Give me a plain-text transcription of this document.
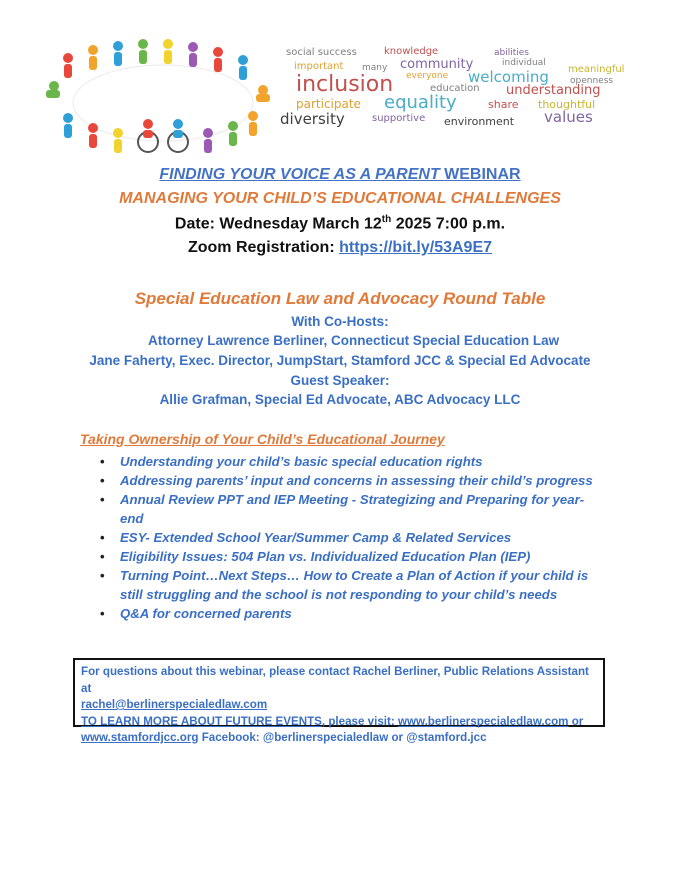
social success	knowledge	abilities
important many community	individual
meaningful
everyone welcoming openness
inclusion	education understanding
participate equality	share thoughtful
diversity	supportive environment values
FINDING YOUR VOICE AS A PARENT WEBINAR
MANAGING YOUR CHILD’S EDUCATIONAL CHALLENGES
Date: Wednesday March 12th 2025 7:00 p.m.
Zoom Registration: https://bit.ly/53A9E7
Special Education Law and Advocacy Round Table
With Co-Hosts:
Attorney Lawrence Berliner, Connecticut Special Education Law
Jane Faherty, Exec. Director, JumpStart, Stamford JCC & Special Ed Advocate
Guest Speaker:
Allie Grafman, Special Ed Advocate, ABC Advocacy LLC
Taking Ownership of Your Child’s Educational Journey
• Understanding your child’s basic special education rights
• Addressing parents’ input and concerns in assessing their child’s progress
• Annual Review PPT and IEP Meeting - Strategizing and Preparing for year-end
• ESY- Extended School Year/Summer Camp & Related Services
• Eligibility Issues: 504 Plan vs. Individualized Education Plan (IEP)
• Turning Point…Next Steps… How to Create a Plan of Action if your child is still struggling and the school is not responding to your child’s needs
• Q&A for concerned parents
For questions about this webinar, please contact Rachel Berliner, Public Relations Assistant at
rachel@berlinerspecialedlaw.com
TO LEARN MORE ABOUT FUTURE EVENTS, please visit: www.berlinerspecialedlaw.com or
www.stamfordjcc.org Facebook: @berlinerspecialedlaw or @stamford.jcc
